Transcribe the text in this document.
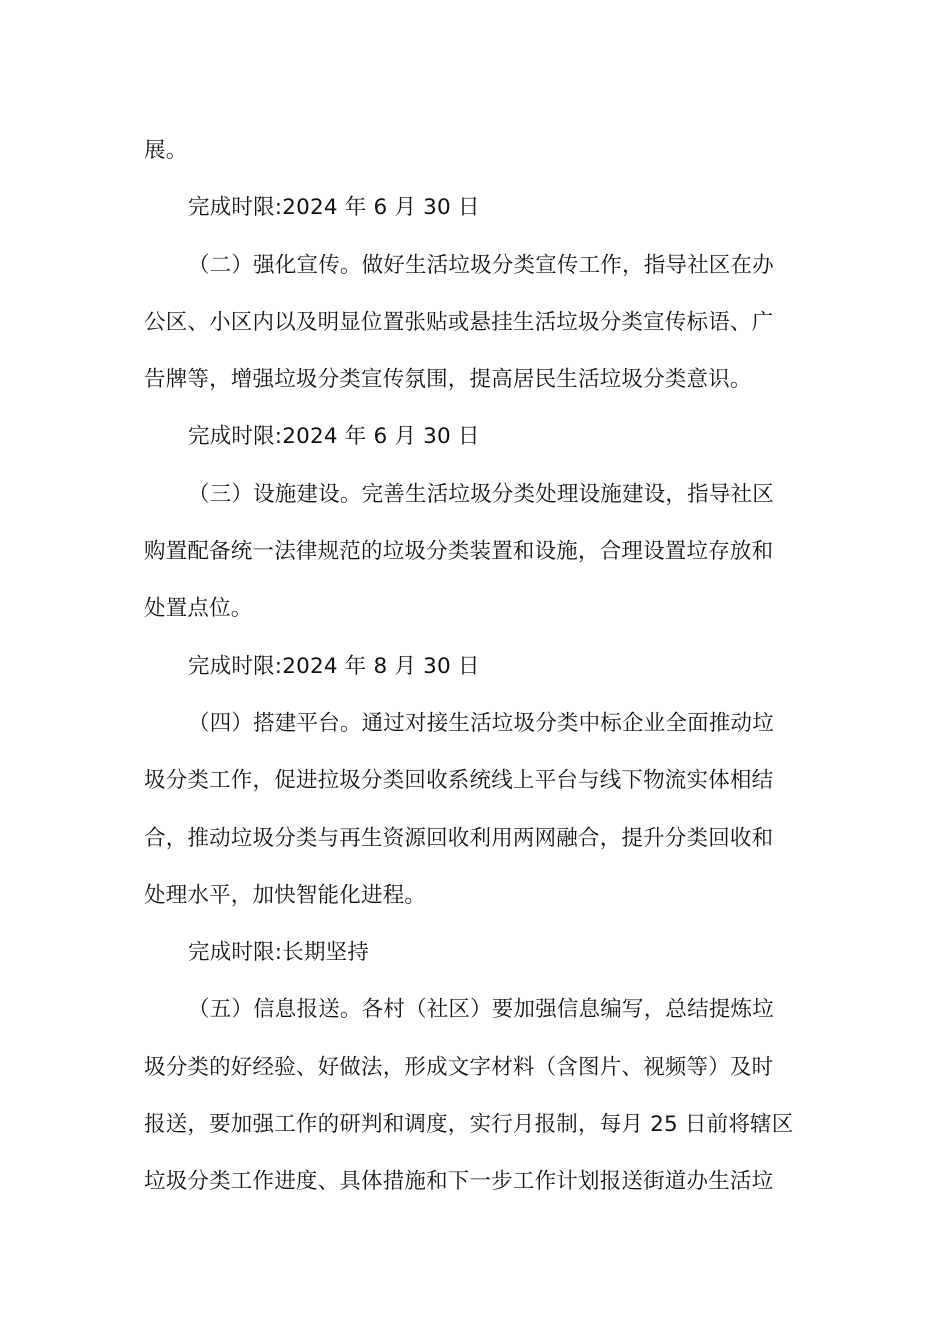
展。
完成时限:2024 年 6 月 30 日
（二）强化宣传。做好生活垃圾分类宣传工作，指导社区在办
公区、小区内以及明显位置张贴或悬挂生活垃圾分类宣传标语、广
告牌等，增强垃圾分类宣传氛围，提高居民生活垃圾分类意识。
完成时限:2024 年 6 月 30 日
（三）设施建设。完善生活垃圾分类处理设施建设，指导社区
购置配备统一法律规范的垃圾分类装置和设施，合理设置垃存放和
处置点位。
完成时限:2024 年 8 月 30 日
（四）搭建平台。通过对接生活垃圾分类中标企业全面推动垃
圾分类工作，促进拉圾分类回收系统线上平台与线下物流实体相结
合，推动垃圾分类与再生资源回收利用两网融合，提升分类回收和
处理水平，加快智能化进程。
完成时限:长期坚持
（五）信息报送。各村（社区）要加强信息编写，总结提炼垃
圾分类的好经验、好做法，形成文字材料（含图片、视频等）及时
报送，要加强工作的研判和调度，实行月报制，每月 25 日前将辖区
垃圾分类工作进度、具体措施和下一步工作计划报送街道办生活垃
